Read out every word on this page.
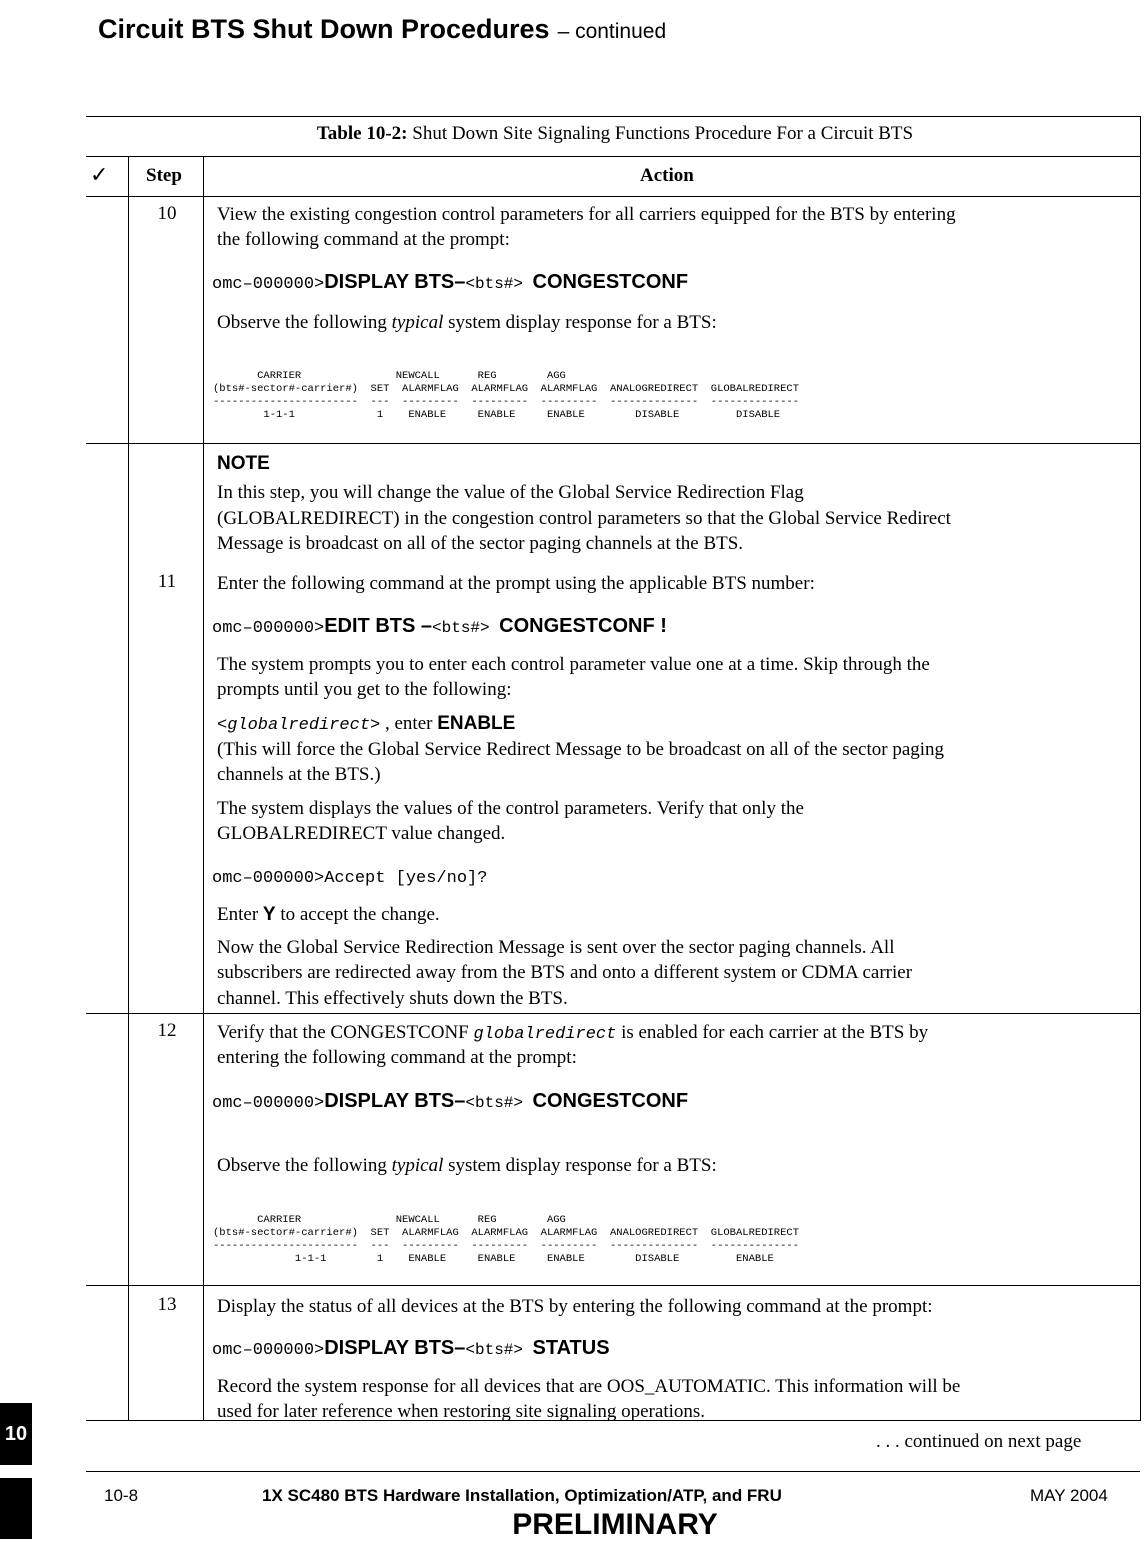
Circuit BTS Shut Down Procedures – continued
Table 10-2: Shut Down Site Signaling Functions Procedure For a Circuit BTS
✓ Step	Action
10	View the existing congestion control parameters for all carriers equipped for the BTS by entering
the following command at the prompt:
omc–000000>DISPLAY BTS–<bts#> CONGESTCONF
Observe the following typical system display response for a BTS:
CARRIER               NEWCALL      REG        AGG
(bts#-sector#-carrier#)  SET  ALARMFLAG  ALARMFLAG  ALARMFLAG  ANALOGREDIRECT  GLOBALREDIRECT
-----------------------  ---  ---------  ---------  ---------  --------------  --------------
1-1-1             1    ENABLE     ENABLE     ENABLE        DISABLE         DISABLE
NOTE
In this step, you will change the value of the Global Service Redirection Flag
(GLOBALREDIRECT) in the congestion control parameters so that the Global Service Redirect
Message is broadcast on all of the sector paging channels at the BTS.
11	Enter the following command at the prompt using the applicable BTS number:
omc–000000>EDIT BTS –<bts#> CONGESTCONF !
The system prompts you to enter each control parameter value one at a time. Skip through the
prompts until you get to the following:
<globalredirect> , enter ENABLE
(This will force the Global Service Redirect Message to be broadcast on all of the sector paging
channels at the BTS.)
The system displays the values of the control parameters. Verify that only the
GLOBALREDIRECT value changed.
omc–000000>Accept [yes/no]?
Enter Y to accept the change.
Now the Global Service Redirection Message is sent over the sector paging channels. All
subscribers are redirected away from the BTS and onto a different system or CDMA carrier
channel. This effectively shuts down the BTS.
12	Verify that the CONGESTCONF globalredirect is enabled for each carrier at the BTS by
entering the following command at the prompt:
omc–000000>DISPLAY BTS–<bts#> CONGESTCONF
Observe the following typical system display response for a BTS:
CARRIER               NEWCALL      REG        AGG
(bts#-sector#-carrier#)  SET  ALARMFLAG  ALARMFLAG  ALARMFLAG  ANALOGREDIRECT  GLOBALREDIRECT
-----------------------  ---  ---------  ---------  ---------  --------------  --------------
1-1-1        1    ENABLE     ENABLE     ENABLE        DISABLE         ENABLE
13	Display the status of all devices at the BTS by entering the following command at the prompt:
omc–000000>DISPLAY BTS–<bts#> STATUS
Record the system response for all devices that are OOS_AUTOMATIC. This information will be
used for later reference when restoring site signaling operations.
. . . continued on next page
10
10-8	1X SC480 BTS Hardware Installation, Optimization/ATP, and FRU	MAY 2004
PRELIMINARY
